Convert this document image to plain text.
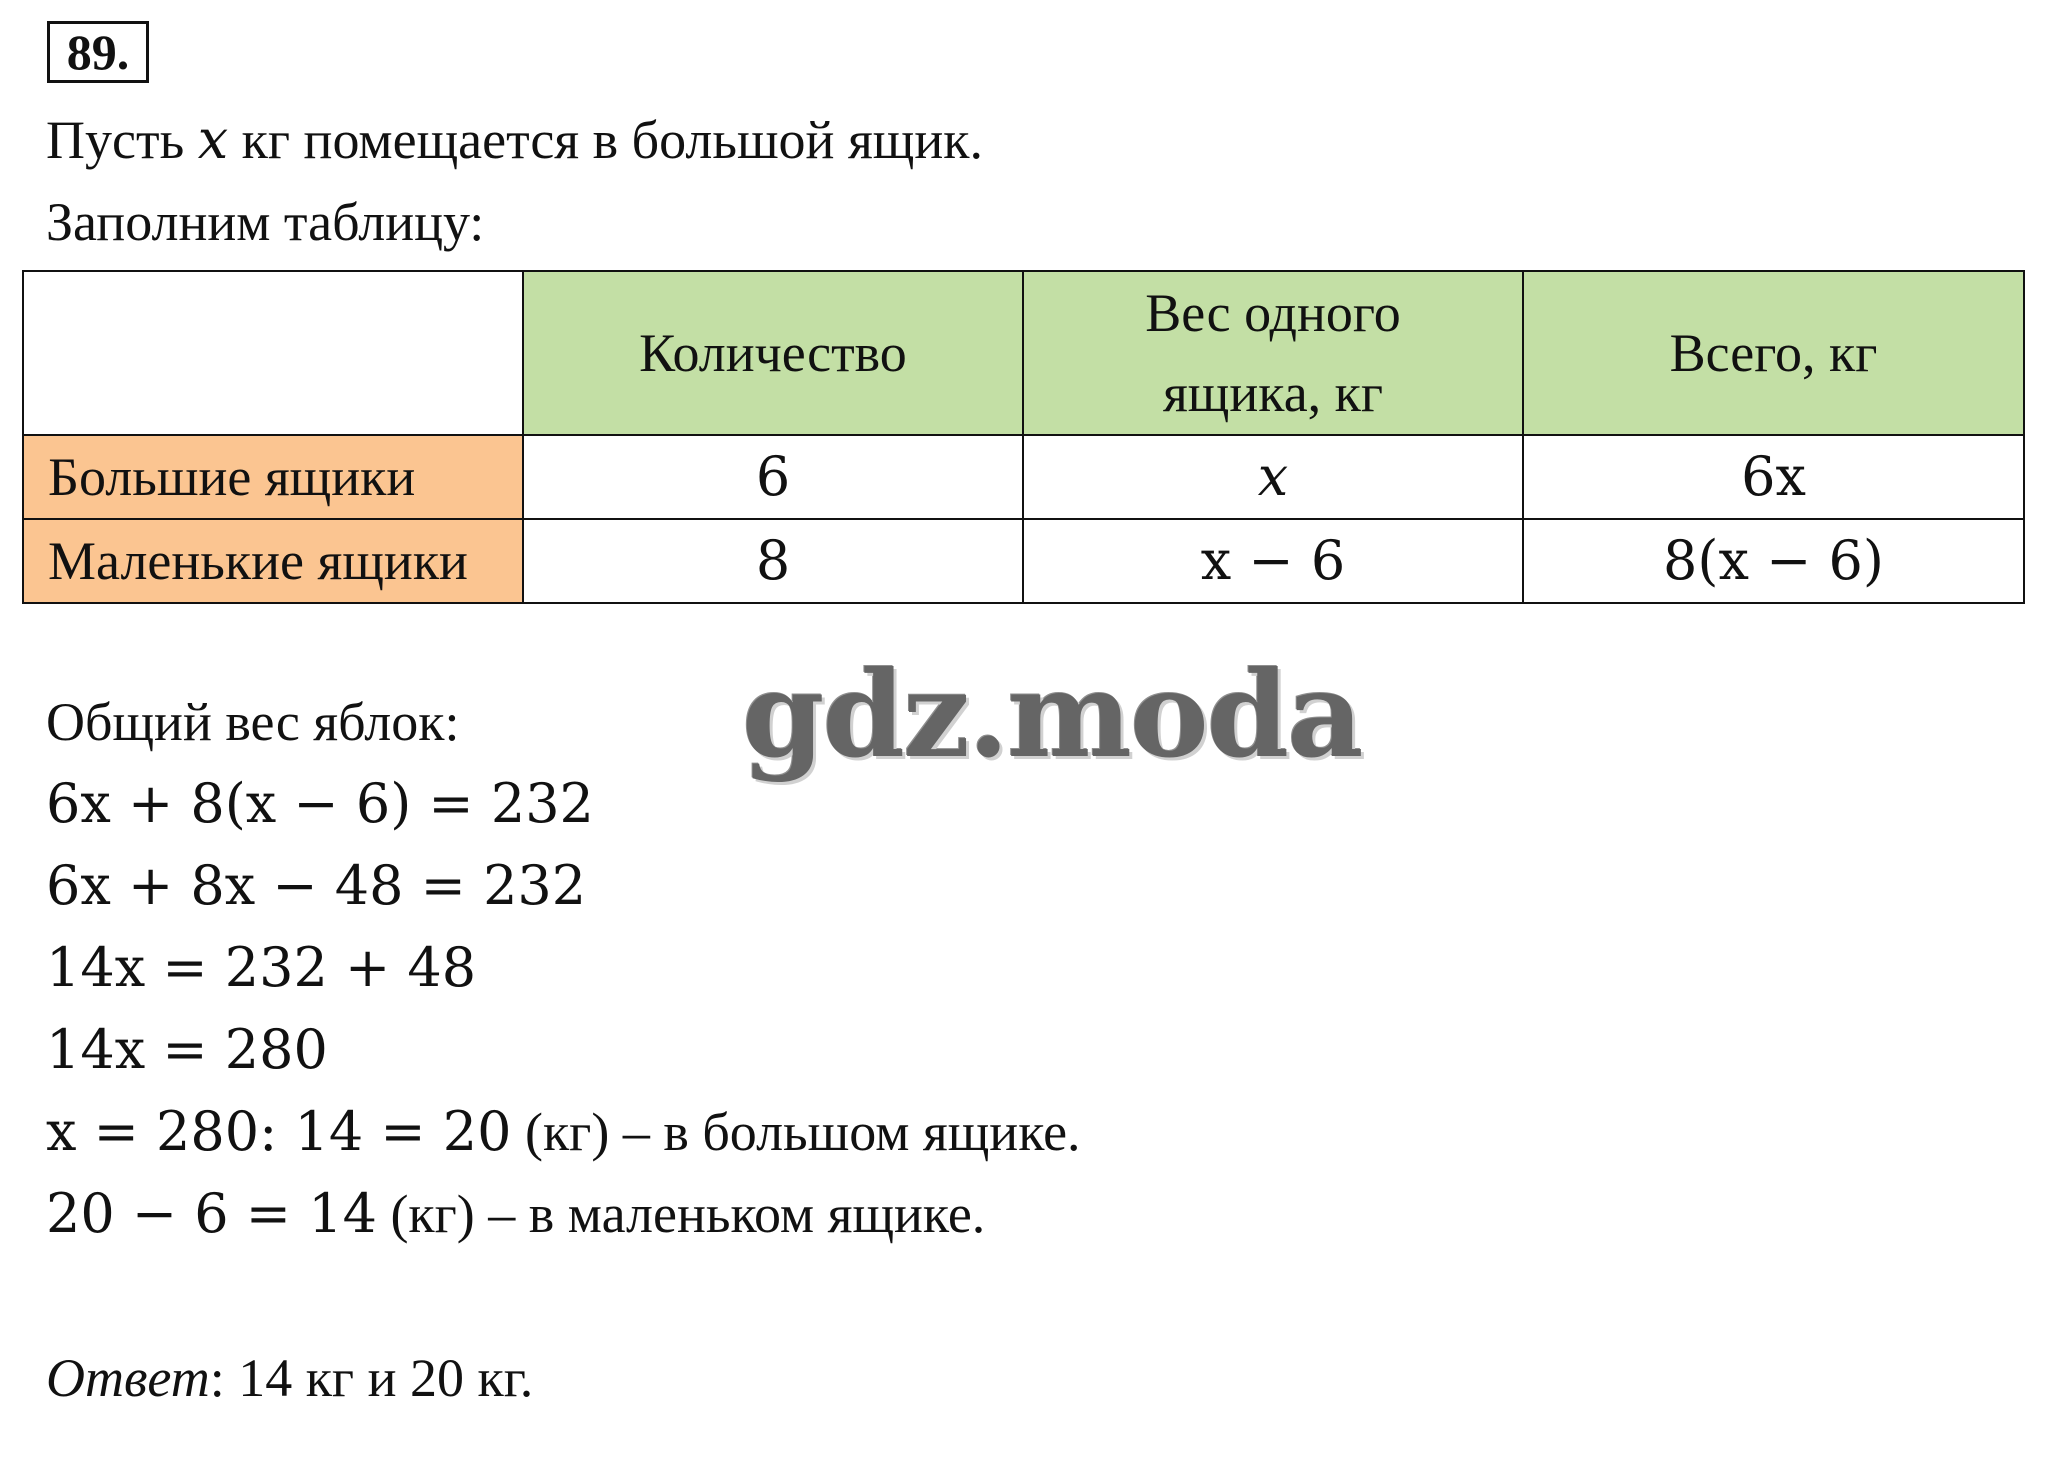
89.
Пусть x кг помещается в большой ящик.
Заполним таблицу:
	Количество	Вес одного ящика, кг	Всего, кг
Большие ящики	6	x	6x
Маленькие ящики	8	x − 6	8(x − 6)
Общий вес яблок:
6x + 8(x − 6) = 232
6x + 8x − 48 = 232
14x = 232 + 48
14x = 280
x = 280: 14 = 20 (кг) – в большом ящике.
20 − 6 = 14 (кг) – в маленьком ящике.
Ответ: 14 кг и 20 кг.
gdz.moda
